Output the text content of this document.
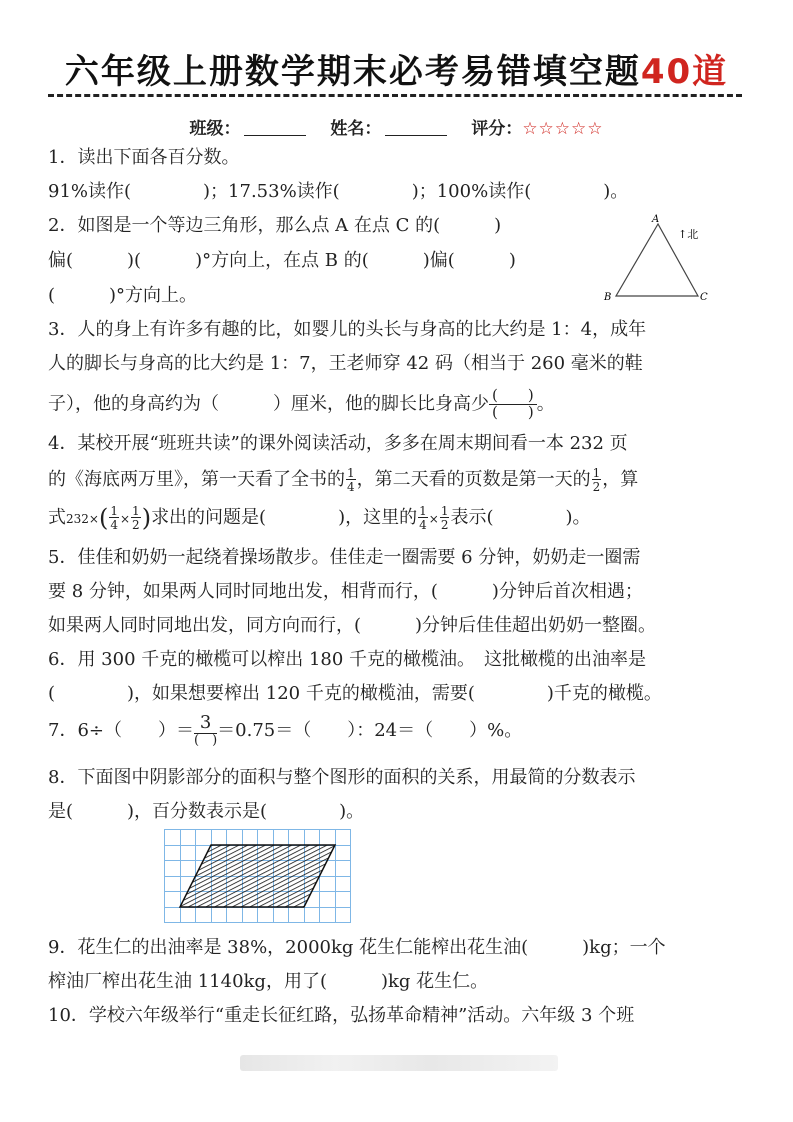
六年级上册数学期末必考易错填空题40道
班级：	姓名：	评分：☆☆☆☆☆
1．读出下面各百分数。
91%读作(　　　　)；17.53%读作(　　　　)；100%读作(　　　　)。
2．如图是一个等边三角形，那么点 A 在点 C 的(　　　)
偏(　　　)(　　　)°方向上，在点 B 的(　　　)偏(　　　)
(　　　)°方向上。
A
B	C
↑北
3．人的身上有许多有趣的比，如婴儿的头长与身高的比大约是 1：4，成年
人的脚长与身高的比大约是 1：7，王老师穿 42 码（相当于 260 毫米的鞋
子），他的身高约为（　　　）厘米，他的脚长比身高少 (　　)
(　　) 。
4．某校开展“班班共读”的课外阅读活动，多多在周末期间看一本 232 页
的《海底两万里》，第一天看了全书的 $\frac{1}{4}$ ，第二天看的页数是第一天的 $\frac{1}{2}$ ，算
式$232\times( \frac{1}{4} \times \frac{1}{2}$ )求出的问题是(　　　　)，这里的 $\frac{1}{4} \times \frac{1}{2}$ 表示(　　　　)。
5．佳佳和奶奶一起绕着操场散步。佳佳走一圈需要 6 分钟，奶奶走一圈需
要 8 分钟，如果两人同时同地出发，相背而行，(　　　)分钟后首次相遇；
如果两人同时同地出发，同方向而行，(　　　)分钟后佳佳超出奶奶一整圈。
6．用 300 千克的橄榄可以榨出 180 千克的橄榄油。　这批橄榄的出油率是
(　　　　)，如果想要榨出 120 千克的橄榄油，需要(　　　　)千克的橄榄。
7．6÷（　　）＝ 3
(　) ＝0.75＝（　　）：24＝（　　）%。
8．下面图中阴影部分的面积与整个图形的面积的关系，用最简的分数表示
是(　　　)，百分数表示是(　　　　)。
9．花生仁的出油率是 38%，2000kg 花生仁能榨出花生油(　　　)kg；一个
榨油厂榨出花生油 1140kg，用了(　　　)kg 花生仁。
10．学校六年级举行“重走长征红路，弘扬革命精神”活动。六年级 3 个班
